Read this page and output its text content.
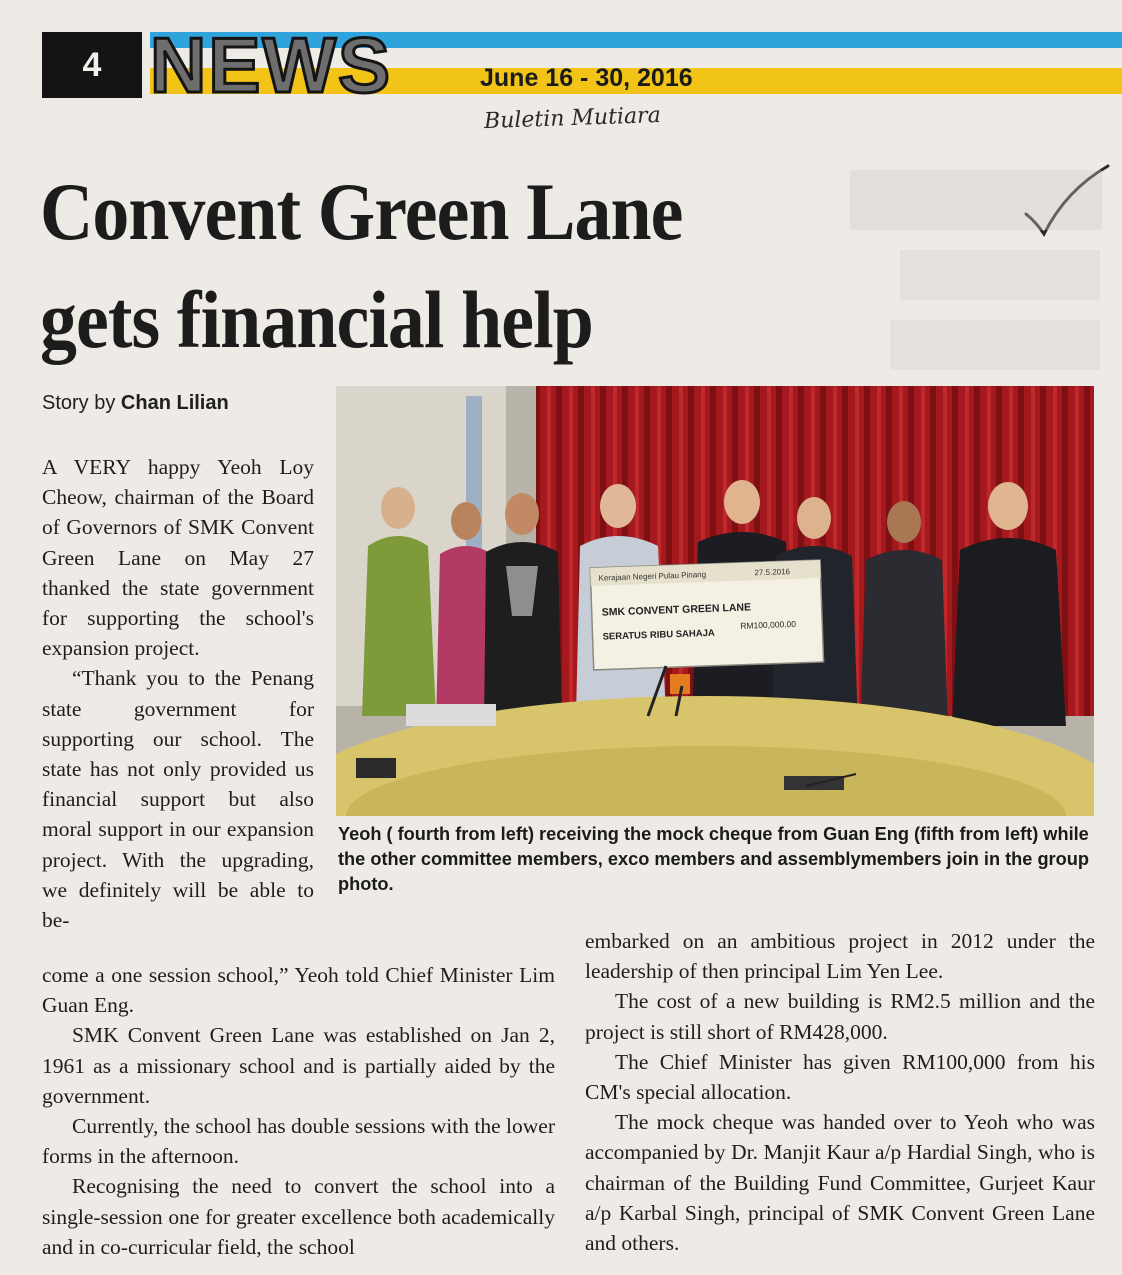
4 NEWS	June 16 - 30, 2016
Buletin Mutiara
Convent Green Lane
gets financial help
Story by Chan Lilian
Kerajaan Negeri Pulau Pinang	27.5.2016
SMK CONVENT GREEN LANE
SERATUS RIBU SAHAJA
RM100,000.00
Yeoh ( fourth from left) receiving the mock cheque from Guan Eng (fifth from left) while the other committee members, exco members and assemblymembers join in the group photo.

A VERY happy Yeoh Loy Cheow, chairman of the Board of Governors of SMK Convent Green Lane on May 27 thanked the state government for supporting the school's expansion project.

“Thank you to the Penang state government for supporting our school. The state has not only provided us financial support but also moral support in our expansion project. With the upgrading, we definitely will be able to be-

come a one session school,” Yeoh told Chief Minister Lim Guan Eng.

SMK Convent Green Lane was established on Jan 2, 1961 as a missionary school and is partially aided by the government.

Currently, the school has double sessions with the lower forms in the afternoon.

Recognising the need to convert the school into a single-session one for greater excellence both academically and in co-curricular field, the school

embarked on an ambitious project in 2012 under the leadership of then principal Lim Yen Lee.

The cost of a new building is RM2.5 million and the project is still short of RM428,000.

The Chief Minister has given RM100,000 from his CM's special allocation.

The mock cheque was handed over to Yeoh who was accompanied by Dr. Manjit Kaur a/p Hardial Singh, who is chairman of the Building Fund Committee, Gurjeet Kaur a/p Karbal Singh, principal of SMK Convent Green Lane and others.
